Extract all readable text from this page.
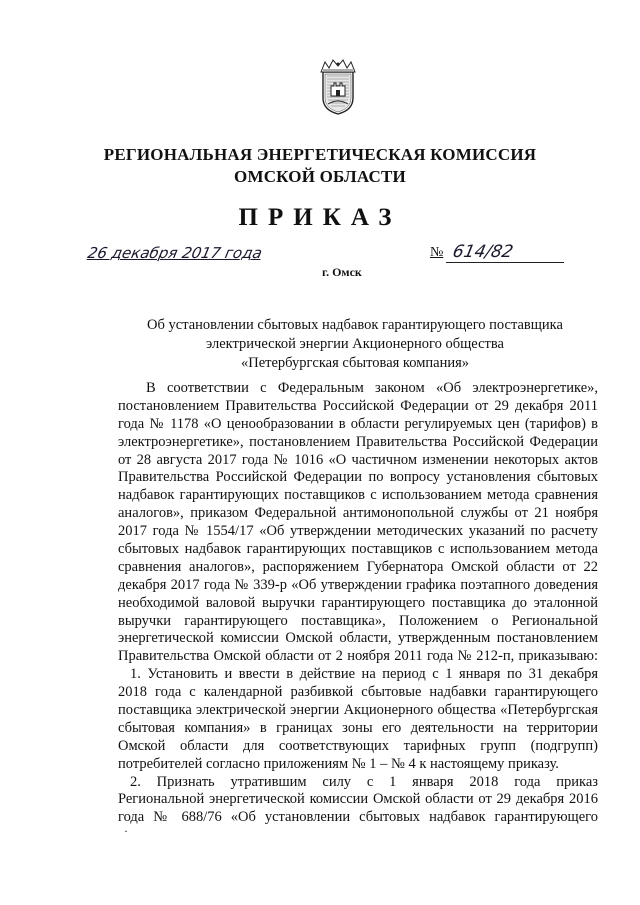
РЕГИОНАЛЬНАЯ ЭНЕРГЕТИЧЕСКАЯ КОМИССИЯ
ОМСКОЙ ОБЛАСТИ
ПРИКАЗ
26 декабря 2017 года	№ 614/82
г. Омск
Об установлении сбытовых надбавок гарантирующего поставщика
электрической энергии Акционерного общества
«Петербургская сбытовая компания»
В соответствии с Федеральным законом «Об электроэнергетике»,
постановлением Правительства Российской Федерации от 29 декабря 2011
года № 1178 «О ценообразовании в области регулируемых цен (тарифов) в
электроэнергетике», постановлением Правительства Российской Федерации
от 28 августа 2017 года № 1016 «О частичном изменении некоторых актов
Правительства Российской Федерации по вопросу установления сбытовых
надбавок гарантирующих поставщиков с использованием метода сравнения
аналогов», приказом Федеральной антимонопольной службы от 21 ноября
2017 года № 1554/17 «Об утверждении методических указаний по расчету
сбытовых надбавок гарантирующих поставщиков с использованием метода
сравнения аналогов», распоряжением Губернатора Омской области от 22
декабря 2017 года № 339-р «Об утверждении графика поэтапного доведения
необходимой валовой выручки гарантирующего поставщика до эталонной
выручки гарантирующего поставщика», Положением о Региональной
энергетической комиссии Омской области, утвержденным постановлением
Правительства Омской области от 2 ноября 2011 года № 212-п, приказываю:
1. Установить и ввести в действие на период с 1 января по 31 декабря
2018 года с календарной разбивкой сбытовые надбавки гарантирующего
поставщика электрической энергии Акционерного общества «Петербургская
сбытовая компания» в границах зоны его деятельности на территории
Омской области для соответствующих тарифных групп (подгрупп)
потребителей согласно приложениям № 1 – № 4 к настоящему приказу.
2. Признать утратившим силу с 1 января 2018 года приказ
Региональной энергетической комиссии Омской области от 29 декабря 2016
года № 688/76 «Об установлении сбытовых надбавок гарантирующего
·
